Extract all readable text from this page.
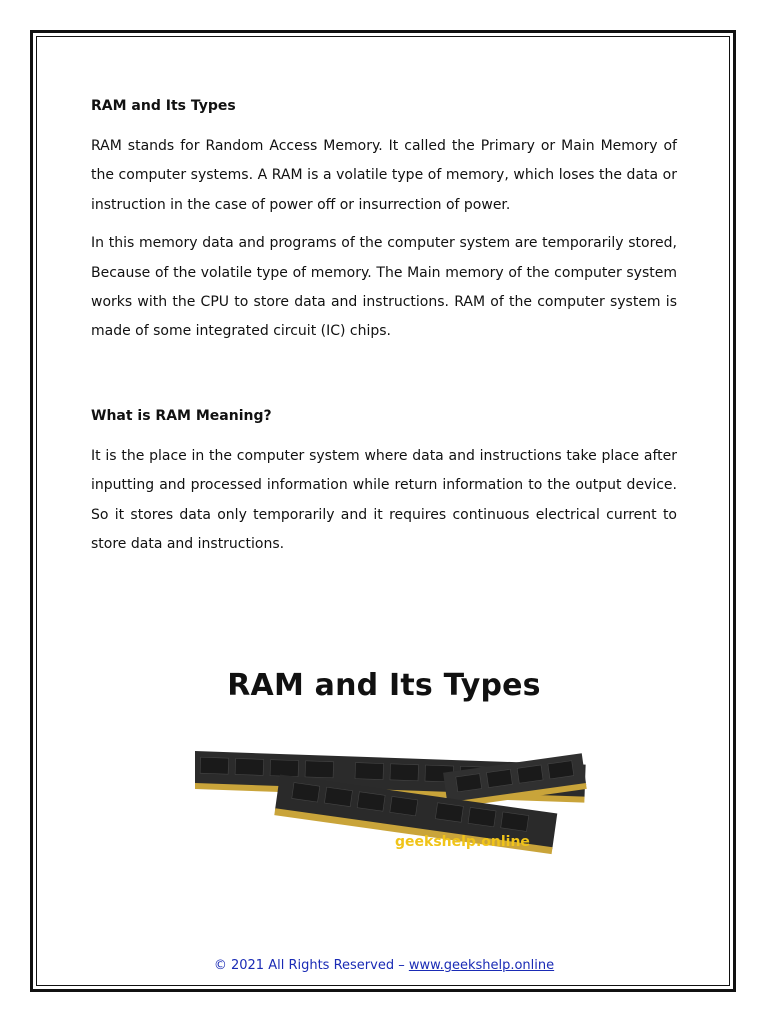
RAM and Its Types

RAM stands for Random Access Memory. It called the Primary or Main Memory of the computer systems. A RAM is a volatile type of memory, which loses the data or instruction in the case of power off or insurrection of power.

In this memory data and programs of the computer system are temporarily stored, Because of the volatile type of memory. The Main memory of the computer system works with the CPU to store data and instructions. RAM of the computer system is made of some integrated circuit (IC) chips.

What is RAM Meaning?

It is the place in the computer system where data and instructions take place after inputting and processed information while return information to the output device. So it stores data only temporarily and it requires continuous electrical current to store data and instructions.

RAM and Its Types
geekshelp.online
© 2021 All Rights Reserved – www.geekshelp.online
